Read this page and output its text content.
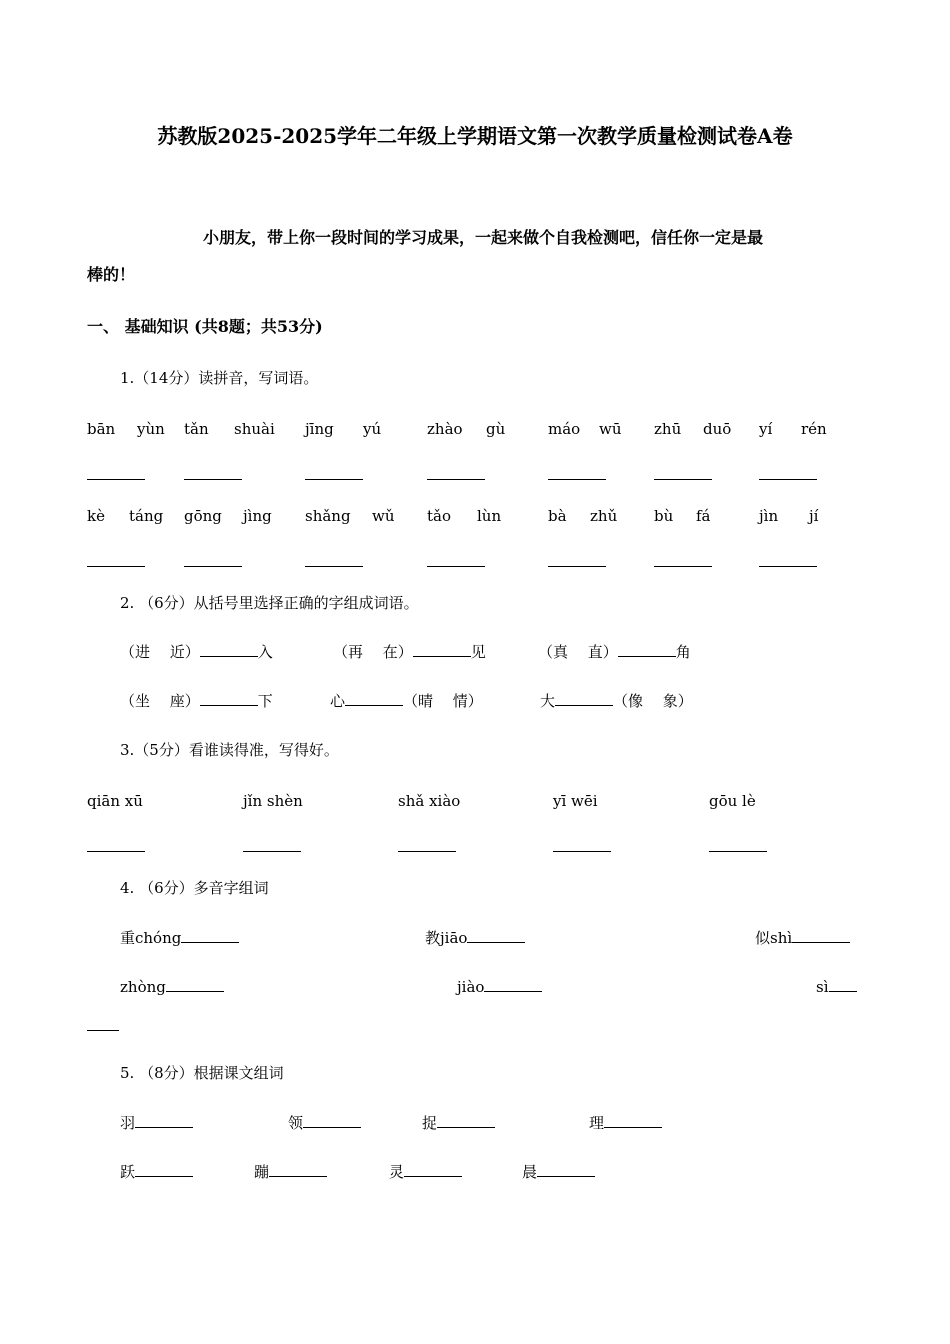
苏教版2025-2025学年二年级上学期语文第一次教学质量检测试卷A卷
小朋友，带上你一段时间的学习成果，一起来做个自我检测吧，信任你一定是最
棒的！
一、 基础知识 (共8题；共53分)
1.（14分）读拼音，写词语。
bān yùn tǎn shuài jīng yú	zhào gù	máo wū zhū duō yí rén
kè táng gōng jìng shǎng wǔ tǎo lùn	bà zhǔ bù fá	jìn jí
2. （6分）从括号里选择正确的字组成词语。
（进　 近）	入	（再　 在）	见	（真　 直）	角
（坐　 座）	下	心	（晴　 情）	大	（像　 象）
3.（5分）看谁读得准，写得好。
qiān xū	jǐn shèn	shǎ xiào	yī wēi	gōu lè
4. （6分）多音字组词
重chóng	教jiāo	似shì
zhòng	jiào	sì
5. （8分）根据课文组词
羽	领	捉	理
跃	蹦	灵	晨
